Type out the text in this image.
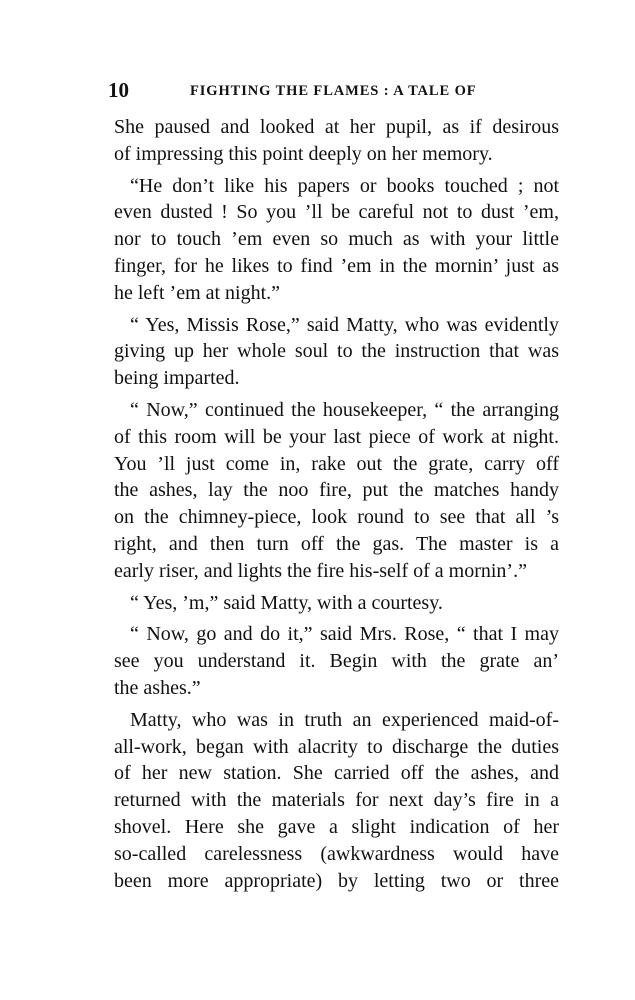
10	FIGHTING THE FLAMES : A TALE OF
She paused and looked at her pupil, as if desirous
of impressing this point deeply on her memory.
“He don’t like his papers or books touched ; not
even dusted ! So you ’ll be careful not to dust ’em,
nor to touch ’em even so much as with your little
finger, for he likes to find ’em in the mornin’ just as
he left ’em at night.”
“ Yes, Missis Rose,” said Matty, who was evidently
giving up her whole soul to the instruction that was
being imparted.
“ Now,” continued the housekeeper, “ the arranging
of this room will be your last piece of work at night.
You ’ll just come in, rake out the grate, carry off
the ashes, lay the noo fire, put the matches handy
on the chimney-piece, look round to see that all ’s
right, and then turn off the gas. The master is a
early riser, and lights the fire his-self of a mornin’.”
“ Yes, ’m,” said Matty, with a courtesy.
“ Now, go and do it,” said Mrs. Rose, “ that I may
see you understand it. Begin with the grate an’
the ashes.”
Matty, who was in truth an experienced maid-of-
all-work, began with alacrity to discharge the duties
of her new station. She carried off the ashes, and
returned with the materials for next day’s fire in a
shovel. Here she gave a slight indication of her
so-called carelessness (awkwardness would have
been more appropriate) by letting two or three
